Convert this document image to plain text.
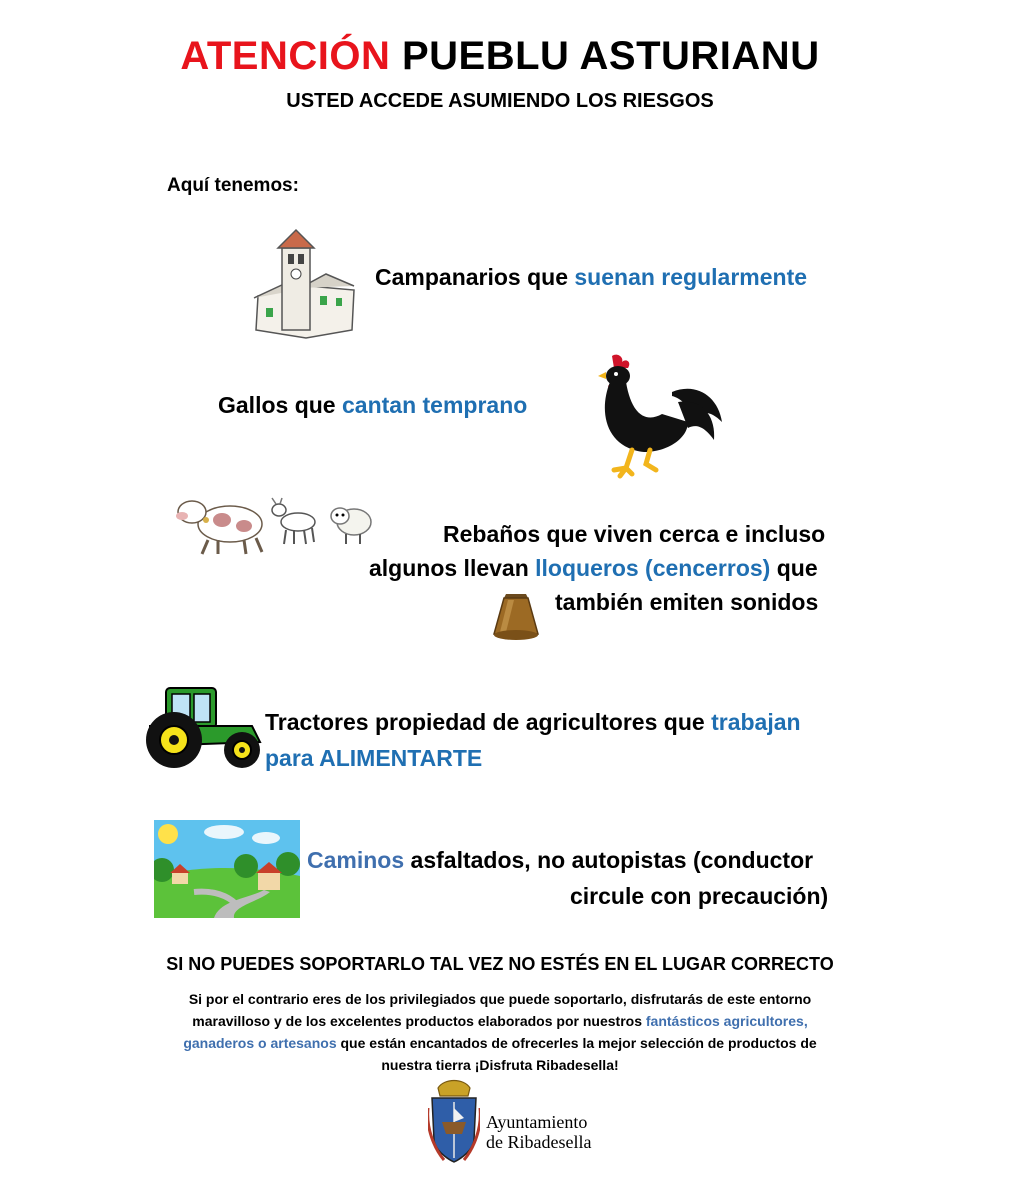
ATENCIÓN PUEBLU ASTURIANU
USTED ACCEDE ASUMIENDO LOS RIESGOS
Aquí tenemos:
Campanarios que suenan regularmente
Gallos que cantan temprano
Rebaños que viven cerca e incluso
algunos llevan lloqueros (cencerros) que
también emiten sonidos
Tractores propiedad de agricultores que trabajan
para ALIMENTARTE
Caminos asfaltados, no autopistas (conductor
circule con precaución)
SI NO PUEDES SOPORTARLO TAL VEZ NO ESTÉS EN EL LUGAR CORRECTO
Si por el contrario eres de los privilegiados que puede soportarlo, disfrutarás de este entorno maravilloso y de los excelentes productos elaborados por nuestros fantásticos agricultores, ganaderos o artesanos que están encantados de ofrecerles la mejor selección de productos de nuestra tierra ¡Disfruta Ribadesella!
Ayuntamiento
de Ribadesella
